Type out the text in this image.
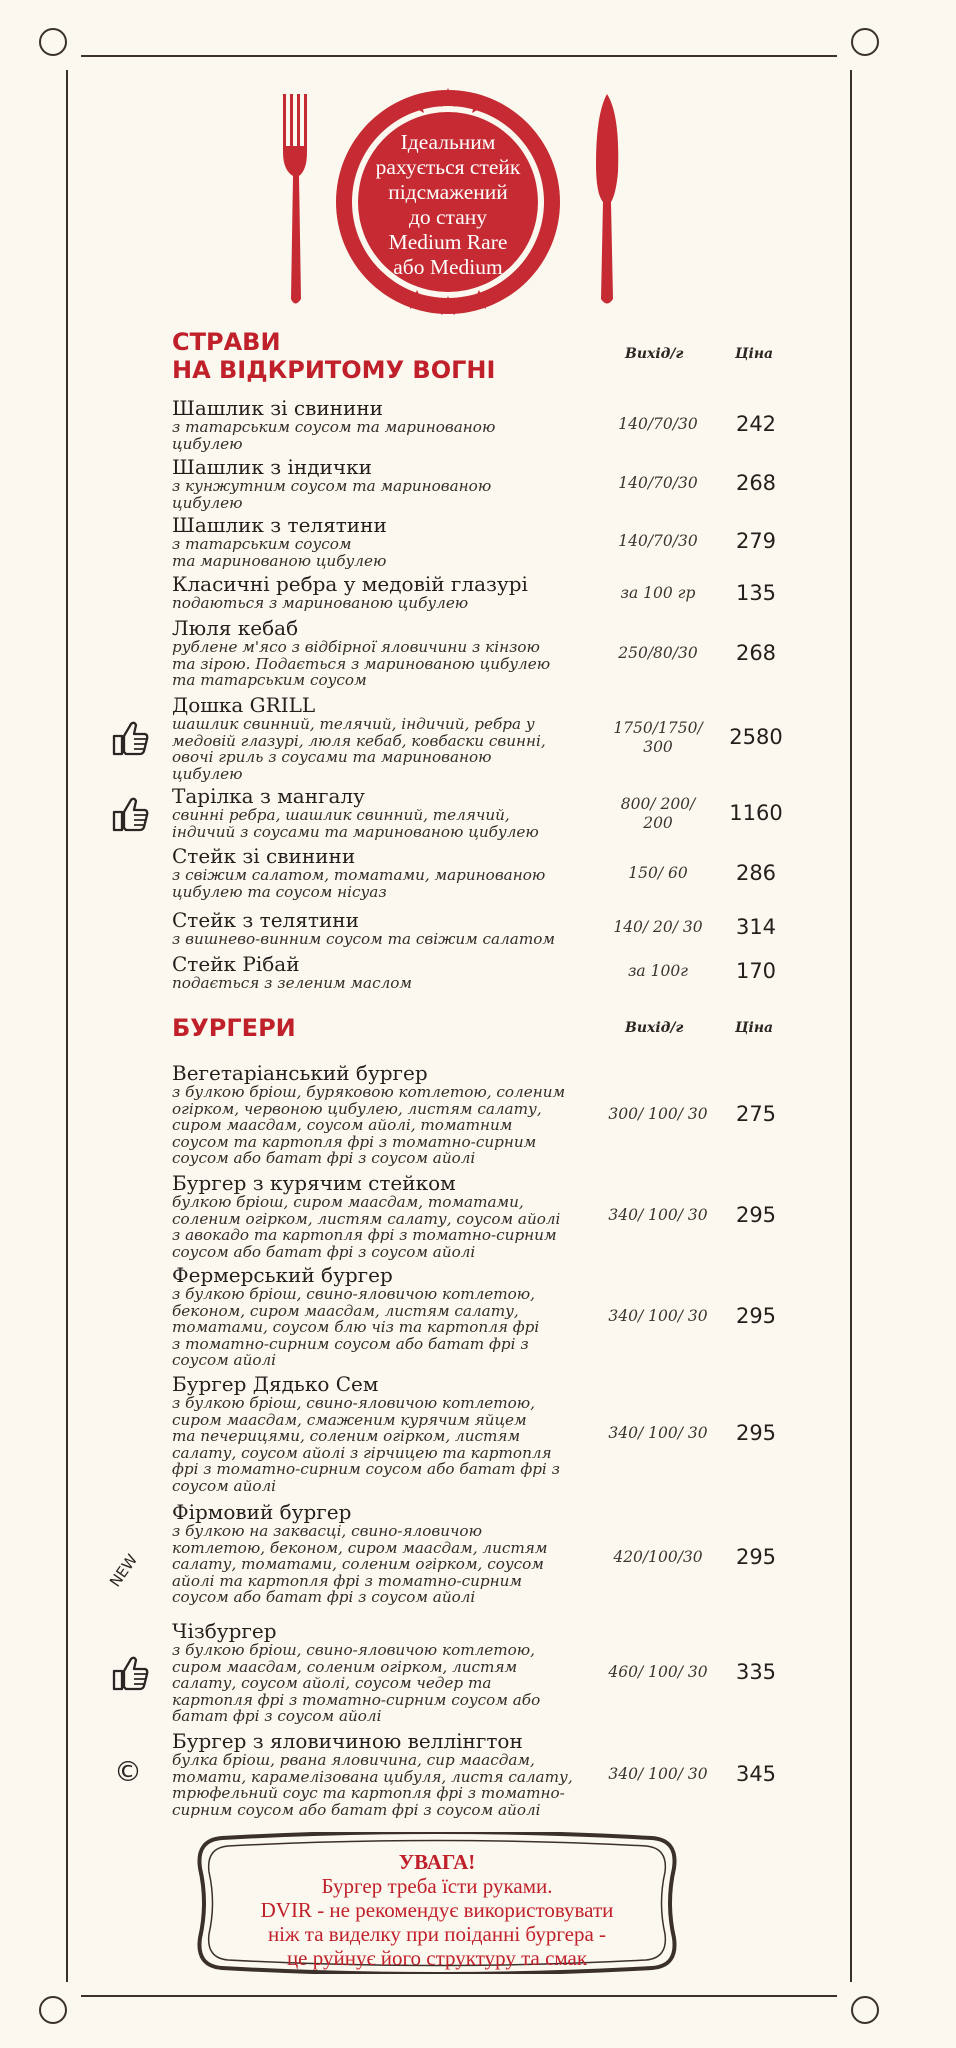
Ідеальним
рахується стейк
підсмажений
до стану
Medium Rare
або Medium
СТРАВИ
НА ВІДКРИТОМУ ВОГНІ
Вихід/г	Ціна
Шашлик зі свинини
з татарським соусом та маринованою
цибулею
140/70/30	242
Шашлик з індички
з кунжутним соусом та маринованою
цибулею
140/70/30	268
Шашлик з телятини
з татарським соусом
та маринованою цибулею
140/70/30	279
Класичні ребра у медовій глазурі
подаються з маринованою цибулею
за 100 гр	135
Люля кебаб
рублене м'ясо з відбірної яловичини з кінзою
та зірою. Подається з маринованою цибулею
та татарським соусом
250/80/30	268
Дошка GRILL
шашлик свинний, телячий, індичий, ребра у
медовій глазурі, люля кебаб, ковбаски свинні,
овочі гриль з соусами та маринованою
цибулею
1750/1750/
300	2580
Тарілка з мангалу
свинні ребра, шашлик свинний, телячий,
індичий з соусами та маринованою цибулею
800/ 200/
200	1160
Стейк зі свинини
з свіжим салатом, томатами, маринованою
цибулею та соусом нісуаз
150/ 60	286
Стейк з телятини
з вишнево-винним соусом та свіжим салатом
140/ 20/ 30	314
Стейк Рібай
подається з зеленим маслом
за 100г	170
БУРГЕРИ	Вихід/г	Ціна
Вегетаріанський бургер
з булкою бріош, буряковою котлетою, соленим
огірком, червоною цибулею, листям салату,
сиром маасдам, соусом айолі, томатним
соусом та картопля фрі з томатно-сирним
соусом або батат фрі з соусом айолі
300/ 100/ 30	275
Бургер з курячим стейком
булкою бріош, сиром маасдам, томатами,
соленим огірком, листям салату, соусом айолі
з авокадо та картопля фрі з томатно-сирним
соусом або батат фрі з соусом айолі
340/ 100/ 30	295
Фермерський бургер
з булкою бріош, свино-яловичою котлетою,
беконом, сиром маасдам, листям салату,
томатами, соусом блю чіз та картопля фрі
з томатно-сирним соусом або батат фрі з
соусом айолі
340/ 100/ 30	295
Бургер Дядько Сем
з булкою бріош, свино-яловичою котлетою,
сиром маасдам, смаженим курячим яйцем
та печерицями, соленим огірком, листям
салату, соусом айолі з гірчицею та картопля
фрі з томатно-сирним соусом або батат фрі з
соусом айолі
340/ 100/ 30	295
Фірмовий бургер
з булкою на заквасці, свино-яловичою
котлетою, беконом, сиром маасдам, листям
салату, томатами, соленим огірком, соусом
айолі та картопля фрі з томатно-сирним
соусом або батат фрі з соусом айолі
420/100/30	295
NEW
Чізбургер
з булкою бріош, свино-яловичою котлетою,
сиром маасдам, соленим огірком, листям
салату, соусом айолі, соусом чедер та
картопля фрі з томатно-сирним соусом або
батат фрі з соусом айолі
460/ 100/ 30	335
Бургер з яловичиною веллінгтон
булка бріош, рвана яловичина, сир маасдам,
томати, карамелізована цибуля, листя салату,
трюфельний соус та картопля фрі з томатно-
сирним соусом або батат фрі з соусом айолі
340/ 100/ 30	345
©
УВАГА!
Бургер треба їсти руками.
DVIR - не рекомендує використовувати
ніж та виделку при поіданні бургера -
це руйнує його структуру та смак
